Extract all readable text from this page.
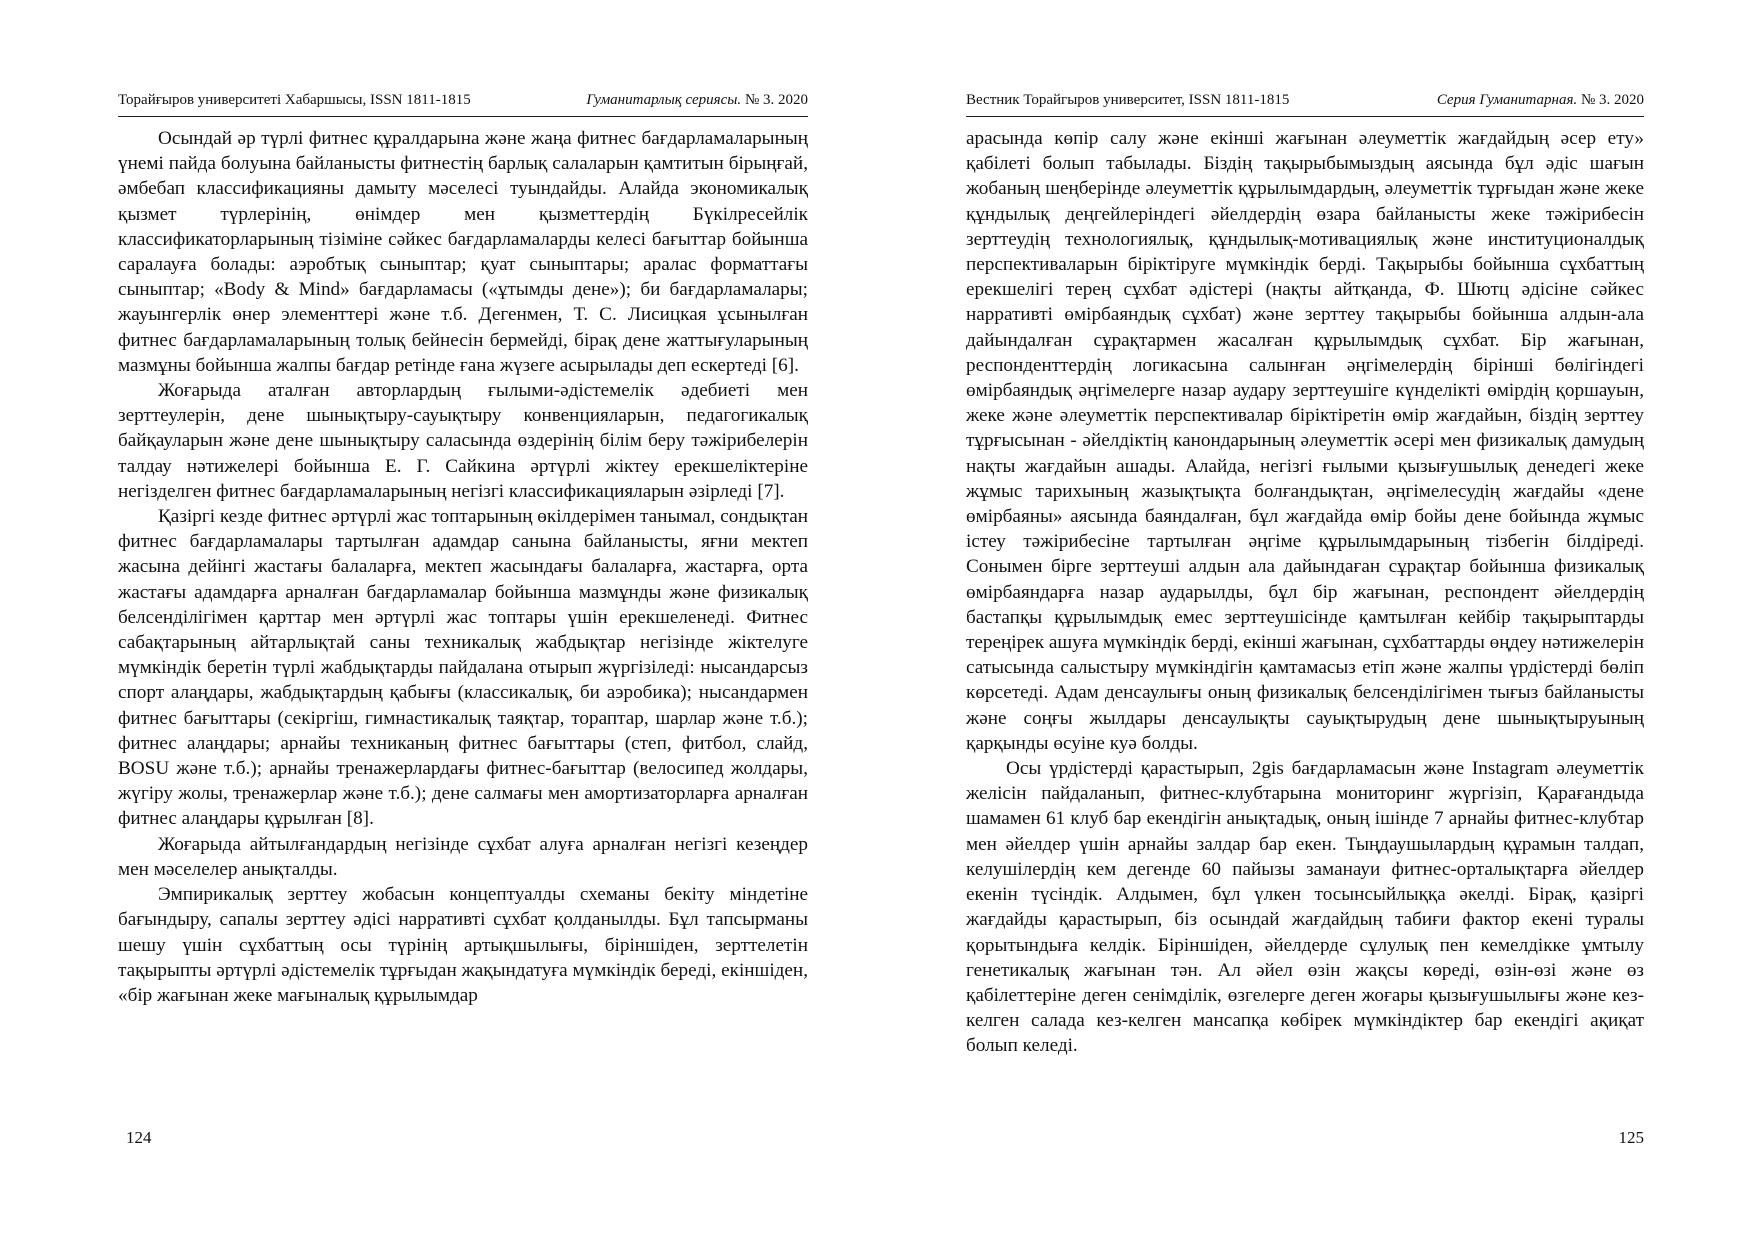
Торайғыров университеті Хабаршысы, ISSN 1811-1815	Гуманитарлық сериясы. № 3. 2020

Осындай әр түрлі фитнес құралдарына және жаңа фитнес бағдарламаларының үнемі пайда болуына байланысты фитнестің барлық салаларын қамтитын бірыңғай, әмбебап классификацияны дамыту мәселесі туындайды. Алайда экономикалық қызмет түрлерінің, өнімдер мен қызметтердің Бүкілресейлік классификаторларының тізіміне сәйкес бағдарламаларды келесі бағыттар бойынша саралауға болады: аэробтық сыныптар; қуат сыныптары; аралас форматтағы сыныптар; «Body & Mind» бағдарламасы («ұтымды дене»); би бағдарламалары; жауынгерлік өнер элементтері және т.б. Дегенмен, Т. С. Лисицкая ұсынылған фитнес бағдарламаларының толық бейнесін бермейді, бірақ дене жаттығуларының мазмұны бойынша жалпы бағдар ретінде ғана жүзеге асырылады деп ескертеді [6].

Жоғарыда аталған авторлардың ғылыми-әдістемелік әдебиеті мен зерттеулерін, дене шынықтыру-сауықтыру конвенцияларын, педагогикалық байқауларын және дене шынықтыру саласында өздерінің білім беру тәжірибелерін талдау нәтижелері бойынша Е. Г. Сайкина әртүрлі жіктеу ерекшеліктеріне негізделген фитнес бағдарламаларының негізгі классификацияларын әзірледі [7].

Қазіргі кезде фитнес әртүрлі жас топтарының өкілдерімен танымал, сондықтан фитнес бағдарламалары тартылған адамдар санына байланысты, яғни мектеп жасына дейінгі жастағы балаларға, мектеп жасындағы балаларға, жастарға, орта жастағы адамдарға арналған бағдарламалар бойынша мазмұнды және физикалық белсенділігімен қарттар мен әртүрлі жас топтары үшін ерекшеленеді. Фитнес сабақтарының айтарлықтай саны техникалық жабдықтар негізінде жіктелуге мүмкіндік беретін түрлі жабдықтарды пайдалана отырып жүргізіледі: нысандарсыз спорт алаңдары, жабдықтардың қабығы (классикалық, би аэробика); нысандармен фитнес бағыттары (секіргіш, гимнастикалық таяқтар, тораптар, шарлар және т.б.); фитнес алаңдары; арнайы техниканың фитнес бағыттары (степ, фитбол, слайд, BOSU және т.б.); арнайы тренажерлардағы фитнес-бағыттар (велосипед жолдары, жүгіру жолы, тренажерлар және т.б.); дене салмағы мен амортизаторларға арналған фитнес алаңдары құрылған [8].

Жоғарыда айтылғандардың негізінде сұхбат алуға арналған негізгі кезеңдер мен мәселелер анықталды.

Эмпирикалық зерттеу жобасын концептуалды схеманы бекіту міндетіне бағындыру, сапалы зерттеу әдісі нарративті сұхбат қолданылды. Бұл тапсырманы шешу үшін сұхбаттың осы түрінің артықшылығы, біріншіден, зерттелетін тақырыпты әртүрлі әдістемелік тұрғыдан жақындатуға мүмкіндік береді, екіншіден, «бір жағынан жеке мағыналық құрылымдар

124
Вестник Торайгыров университет, ISSN 1811-1815	Серия Гуманитарная. № 3. 2020

арасында көпір салу және екінші жағынан әлеуметтік жағдайдың әсер ету» қабілеті болып табылады. Біздің тақырыбымыздың аясында бұл әдіс шағын жобаның шеңберінде әлеуметтік құрылымдардың, әлеуметтік тұрғыдан және жеке құндылық деңгейлеріндегі әйелдердің өзара байланысты жеке тәжірибесін зерттеудің технологиялық, құндылық-мотивациялық және институционалдық перспективаларын біріктіруге мүмкіндік берді. Тақырыбы бойынша сұхбаттың ерекшелігі терең сұхбат әдістері (нақты айтқанда, Ф. Шютц әдісіне сәйкес нарративті өмірбаяндық сұхбат) және зерттеу тақырыбы бойынша алдын-ала дайындалған сұрақтармен жасалған құрылымдық сұхбат. Бір жағынан, респонденттердің логикасына салынған әңгімелердің бірінші бөлігіндегі өмірбаяндық әңгімелерге назар аудару зерттеушіге күнделікті өмірдің қоршауын, жеке және әлеуметтік перспективалар біріктіретін өмір жағдайын, біздің зерттеу тұрғысынан - әйелдіктің канондарының әлеуметтік әсері мен физикалық дамудың нақты жағдайын ашады. Алайда, негізгі ғылыми қызығушылық денедегі жеке жұмыс тарихының жазықтықта болғандықтан, әңгімелесудің жағдайы «дене өмірбаяны» аясында баяндалған, бұл жағдайда өмір бойы дене бойында жұмыс істеу тәжірибесіне тартылған әңгіме құрылымдарының тізбегін білдіреді. Сонымен бірге зерттеуші алдын ала дайындаған сұрақтар бойынша физикалық өмірбаяндарға назар аударылды, бұл бір жағынан, респондент әйелдердің бастапқы құрылымдық емес зерттеушісінде қамтылған кейбір тақырыптарды тереңірек ашуға мүмкіндік берді, екінші жағынан, сұхбаттарды өңдеу нәтижелерін сатысында салыстыру мүмкіндігін қамтамасыз етіп және жалпы үрдістерді бөліп көрсетеді. Адам денсаулығы оның физикалық белсенділігімен тығыз байланысты және соңғы жылдары денсаулықты сауықтырудың дене шынықтыруының қарқынды өсуіне куә болды.

Осы үрдістерді қарастырып, 2gis бағдарламасын және Instagram әлеуметтік желісін пайдаланып, фитнес-клубтарына мониторинг жүргізіп, Қарағандыда шамамен 61 клуб бар екендігін анықтадық, оның ішінде 7 арнайы фитнес-клубтар мен әйелдер үшін арнайы залдар бар екен. Тыңдаушылардың құрамын талдап, келушілердің кем дегенде 60 пайызы заманауи фитнес-орталықтарға әйелдер екенін түсіндік. Алдымен, бұл үлкен тосынсыйлыққа әкелді. Бірақ, қазіргі жағдайды қарастырып, біз осындай жағдайдың табиғи фактор екені туралы қорытындыға келдік. Біріншіден, әйелдерде сұлулық пен кемелдікке ұмтылу генетикалық жағынан тән. Ал әйел өзін жақсы көреді, өзін-өзі және өз қабілеттеріне деген сенімділік, өзгелерге деген жоғары қызығушылығы және кез-келген салада кез-келген мансапқа көбірек мүмкіндіктер бар екендігі ақиқат болып келеді.

125
